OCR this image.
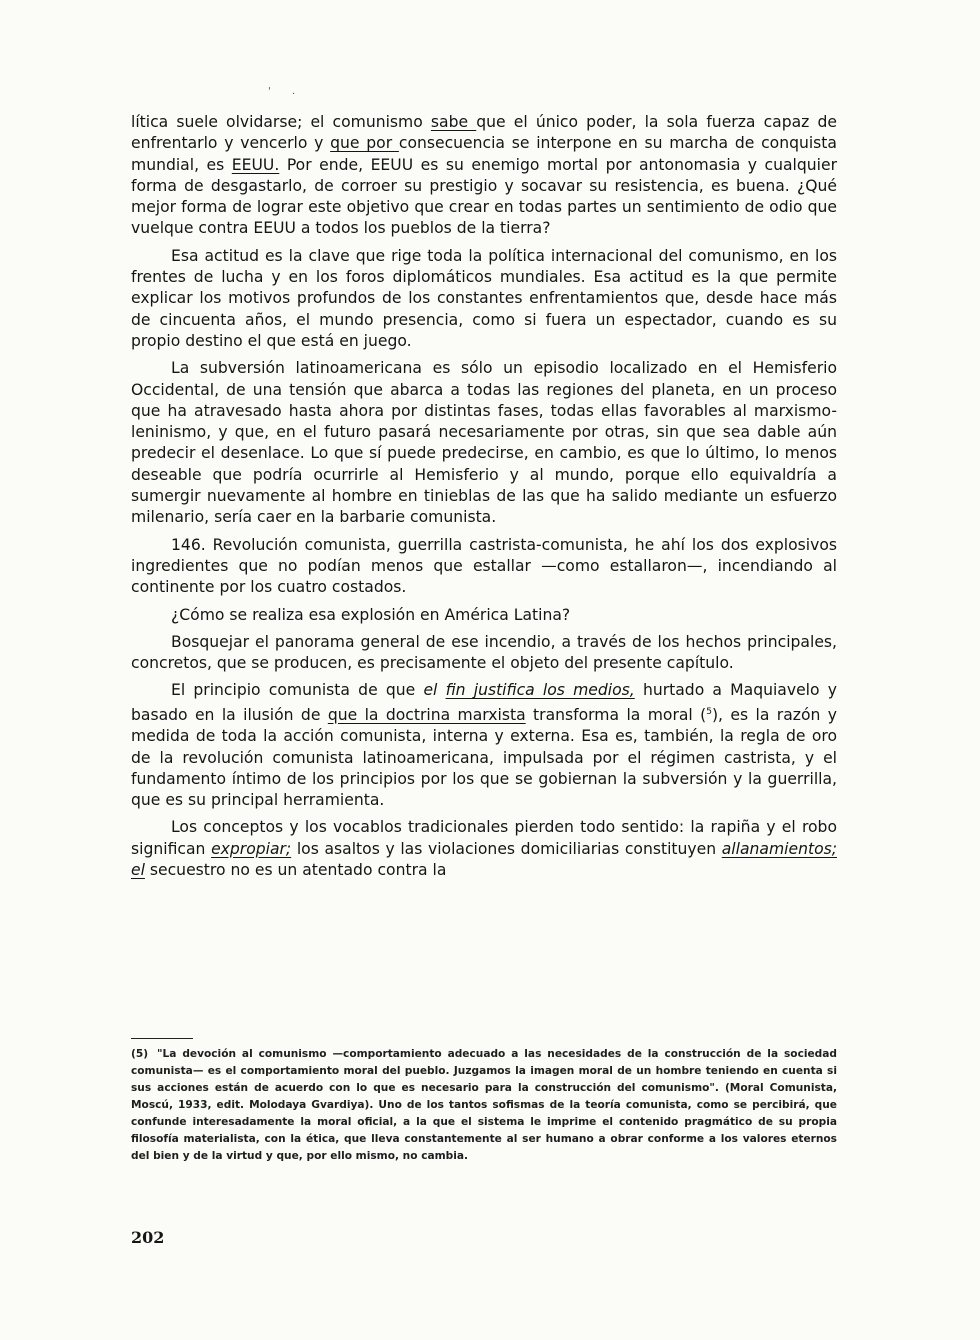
' .

lítica suele olvidarse; el comunismo sabe que el único poder, la sola fuerza capaz de enfrentarlo y vencerlo y que por consecuencia se interpone en su marcha de conquista mundial, es EEUU. Por ende, EEUU es su enemigo mortal por antonomasia y cualquier forma de desgastarlo, de corroer su prestigio y socavar su resistencia, es buena. ¿Qué mejor forma de lograr este objetivo que crear en todas partes un sentimiento de odio que vuelque contra EEUU a todos los pueblos de la tierra?

Esa actitud es la clave que rige toda la política internacional del comunismo, en los frentes de lucha y en los foros diplomáticos mundiales. Esa actitud es la que permite explicar los motivos profundos de los constantes enfrentamientos que, desde hace más de cincuenta años, el mundo presencia, como si fuera un espectador, cuando es su propio destino el que está en juego.

La subversión latinoamericana es sólo un episodio localizado en el Hemisferio Occidental, de una tensión que abarca a todas las regiones del planeta, en un proceso que ha atravesado hasta ahora por distintas fases, todas ellas favorables al marxismo-leninismo, y que, en el futuro pasará necesariamente por otras, sin que sea dable aún predecir el desenlace. Lo que sí puede predecirse, en cambio, es que lo último, lo menos deseable que podría ocurrirle al Hemisferio y al mundo, porque ello equivaldría a sumergir nuevamente al hombre en tinieblas de las que ha salido mediante un esfuerzo milenario, sería caer en la barbarie comunista.

146. Revolución comunista, guerrilla castrista-comunista, he ahí los dos explosivos ingredientes que no podían menos que estallar —como estallaron—, incendiando al continente por los cuatro costados.

¿Cómo se realiza esa explosión en América Latina?

Bosquejar el panorama general de ese incendio, a través de los hechos principales, concretos, que se producen, es precisamente el objeto del presente capítulo.

El principio comunista de que el fin justifica los medios, hurtado a Maquiavelo y basado en la ilusión de que la doctrina marxista transforma la moral ($^5$), es la razón y medida de toda la acción comunista, interna y externa. Esa es, también, la regla de oro de la revolución comunista latinoamericana, impulsada por el régimen castrista, y el fundamento íntimo de los principios por los que se gobiernan la subversión y la guerrilla, que es su principal herramienta.

Los conceptos y los vocablos tradicionales pierden todo sentido: la rapiña y el robo significan expropiar; los asaltos y las violaciones domiciliarias constituyen allanamientos; el secuestro no es un atentado contra la

(5) "La devoción al comunismo —comportamiento adecuado a las necesidades de la construcción de la sociedad comunista— es el comportamiento moral del pueblo. Juzgamos la imagen moral de un hombre teniendo en cuenta si sus acciones están de acuerdo con lo que es necesario para la construcción del comunismo". (Moral Comunista, Moscú, 1933, edit. Molodaya Gvardiya). Uno de los tantos sofismas de la teoría comunista, como se percibirá, que confunde interesadamente la moral oficial, a la que el sistema le imprime el contenido pragmático de su propia filosofía materialista, con la ética, que lleva constantemente al ser humano a obrar conforme a los valores eternos del bien y de la virtud y que, por ello mismo, no cambia.
202
